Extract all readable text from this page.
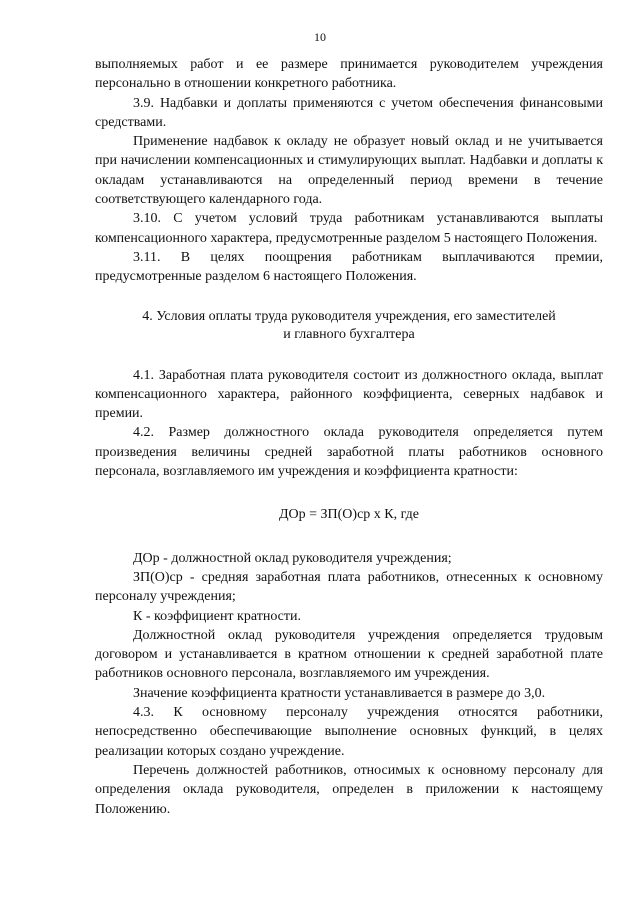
10

выполняемых работ и ее размере принимается руководителем учреждения персонально в отношении конкретного работника.

3.9. Надбавки и доплаты применяются с учетом обеспечения финансовыми средствами.

Применение надбавок к окладу не образует новый оклад и не учитывается при начислении компенсационных и стимулирующих выплат. Надбавки и доплаты к окладам устанавливаются на определенный период времени в течение соответствующего календарного года.

3.10. С учетом условий труда работникам устанавливаются выплаты компенсационного характера, предусмотренные разделом 5 настоящего Положения.

3.11. В целях поощрения работникам выплачиваются премии, предусмотренные разделом 6 настоящего Положения.

4. Условия оплаты труда руководителя учреждения, его заместителей
и главного бухгалтера

4.1. Заработная плата руководителя состоит из должностного оклада, выплат компенсационного характера, районного коэффициента, северных надбавок и премии.

4.2. Размер должностного оклада руководителя определяется путем произведения величины средней заработной платы работников основного персонала, возглавляемого им учреждения и коэффициента кратности:

ДОр = ЗП(О)ср х К, где

ДОр - должностной оклад руководителя учреждения;

ЗП(О)ср - средняя заработная плата работников, отнесенных к основному персоналу учреждения;

К - коэффициент кратности.

Должностной оклад руководителя учреждения определяется трудовым договором и устанавливается в кратном отношении к средней заработной плате работников основного персонала, возглавляемого им учреждения.

Значение коэффициента кратности устанавливается в размере до 3,0.

4.3. К основному персоналу учреждения относятся работники, непосредственно обеспечивающие выполнение основных функций, в целях реализации которых создано учреждение.

Перечень должностей работников, относимых к основному персоналу для определения оклада руководителя, определен в приложении к настоящему Положению.
